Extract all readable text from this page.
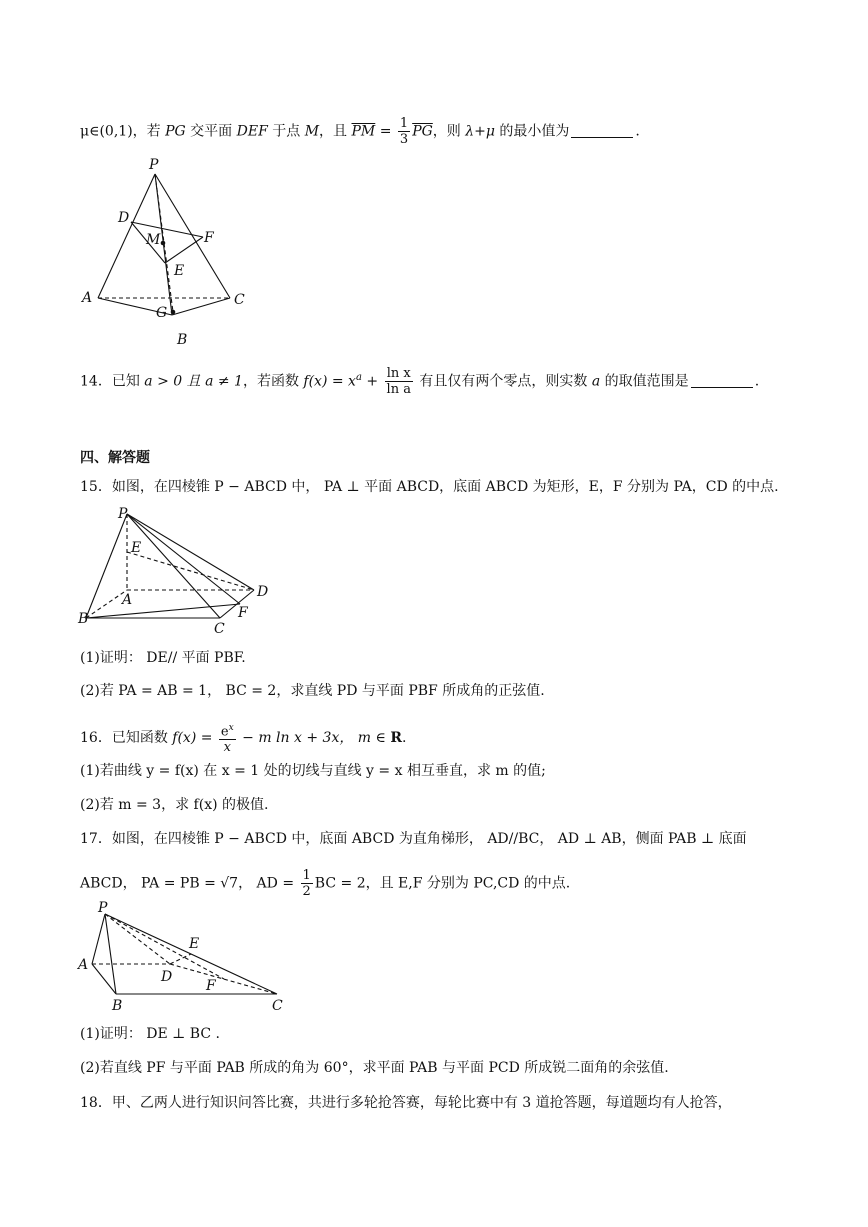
μ∈(0,1)，若 PG 交平面 DEF 于点 M，且 $\overline{PM} = \frac{1}{3} \overline{PG}$，则 λ+μ 的最小值为	.
P
D
M	F
E
A	C
G
B
14．已知 a > 0 且 a ≠ 1，若函数 $f(x) = x^a + \frac{\text{ln x}}{\text{ln a}}$ 有且仅有两个零点，则实数 a 的取值范围是	.
四、解答题
15．如图，在四棱锥 P − ABCD 中， PA ⊥ 平面 ABCD，底面 ABCD 为矩形，E，F 分别为 PA，CD 的中点.
P
E
A
B
C
D
F
(1)证明： DE// 平面 PBF.
(2)若 PA = AB = 1， BC = 2，求直线 PD 与平面 PBF 所成角的正弦值.
16．已知函数 $f(x) = \frac{e^x}{x} - m$ ln x + 3x， m ∈ R.
(1)若曲线 y = f(x) 在 x = 1 处的切线与直线 y = x 相互垂直，求 m 的值;
(2)若 m = 3，求 f(x) 的极值.
17．如图，在四棱锥 P − ABCD 中，底面 ABCD 为直角梯形， AD//BC， AD ⊥ AB，侧面 PAB ⊥ 底面
ABCD， PA = PB = √7， AD = $\frac{1}{2}$ BC = 2，且 E,F 分别为 PC,CD 的中点.
P
E
A
D
F
B	C
(1)证明： DE ⊥ BC .
(2)若直线 PF 与平面 PAB 所成的角为 60°，求平面 PAB 与平面 PCD 所成锐二面角的余弦值.
18．甲、乙两人进行知识问答比赛，共进行多轮抢答赛，每轮比赛中有 3 道抢答题，每道题均有人抢答，
